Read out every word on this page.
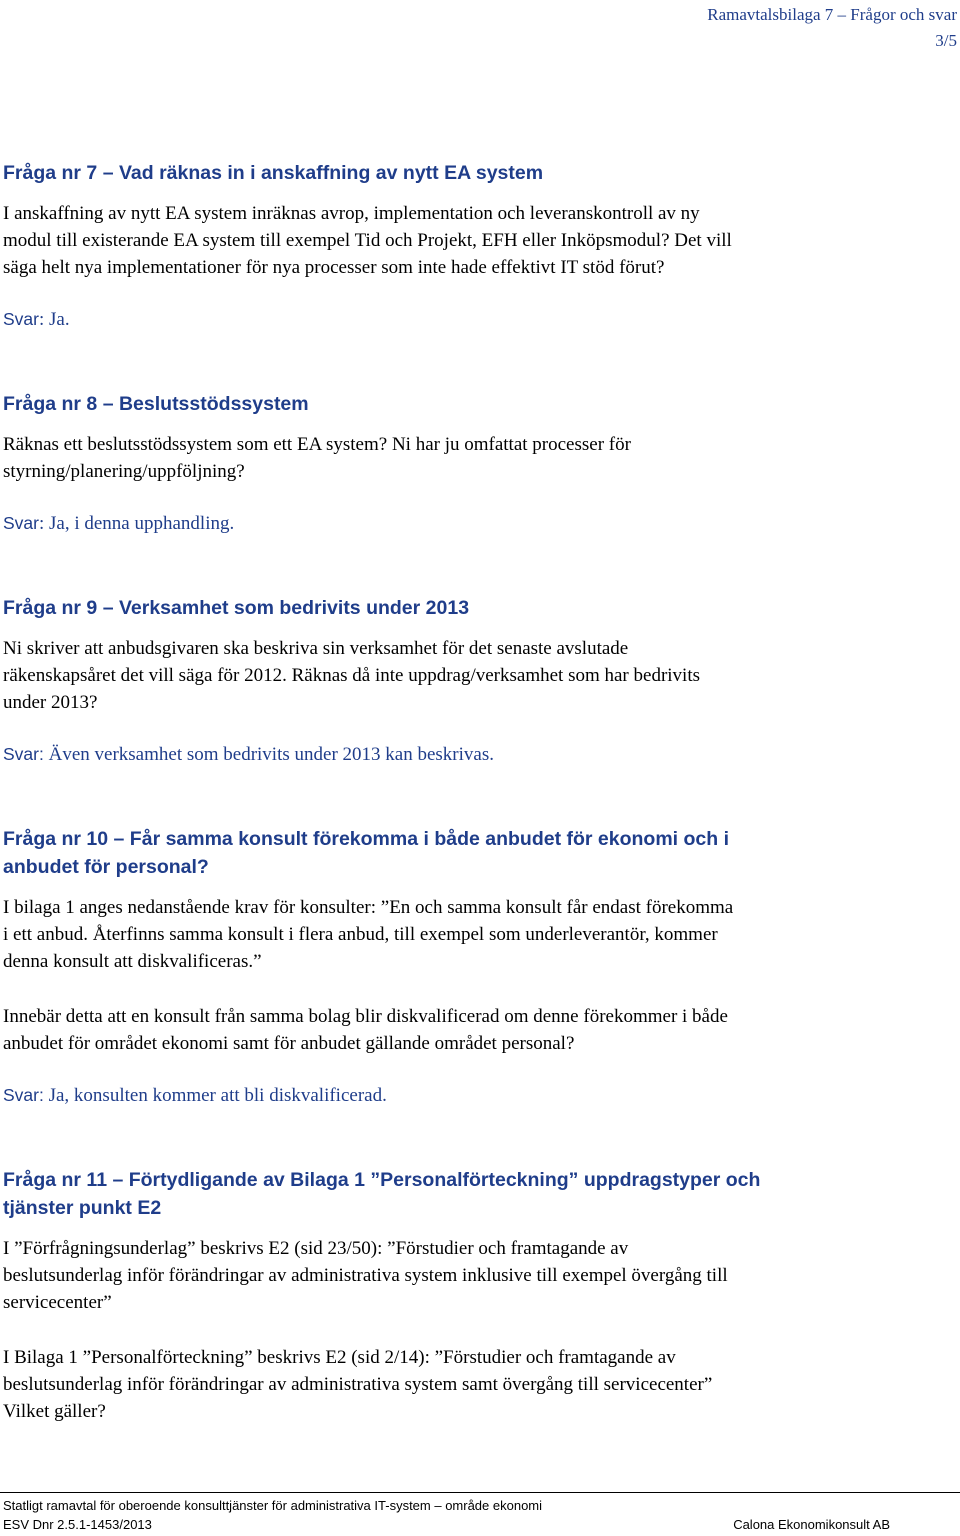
Ramavtalsbilaga 7 – Frågor och svar
3/5
Fråga nr 7 – Vad räknas in i anskaffning av nytt EA system
I anskaffning av nytt EA system inräknas avrop, implementation och leveranskontroll av ny
modul till existerande EA system till exempel Tid och Projekt, EFH eller Inköpsmodul? Det vill
säga helt nya implementationer för nya processer som inte hade effektivt IT stöd förut?
Svar: Ja.
Fråga nr 8 – Beslutsstödssystem
Räknas ett beslutsstödssystem som ett EA system? Ni har ju omfattat processer för
styrning/planering/uppföljning?
Svar: Ja, i denna upphandling.
Fråga nr 9 – Verksamhet som bedrivits under 2013
Ni skriver att anbudsgivaren ska beskriva sin verksamhet för det senaste avslutade
räkenskapsåret det vill säga för 2012. Räknas då inte uppdrag/verksamhet som har bedrivits
under 2013?
Svar: Även verksamhet som bedrivits under 2013 kan beskrivas.
Fråga nr 10 – Får samma konsult förekomma i både anbudet för ekonomi och i
anbudet för personal?
I bilaga 1 anges nedanstående krav för konsulter: ”En och samma konsult får endast förekomma
i ett anbud. Återfinns samma konsult i flera anbud, till exempel som underleverantör, kommer
denna konsult att diskvalificeras.”
Innebär detta att en konsult från samma bolag blir diskvalificerad om denne förekommer i både
anbudet för området ekonomi samt för anbudet gällande området personal?
Svar: Ja, konsulten kommer att bli diskvalificerad.
Fråga nr 11 – Förtydligande av Bilaga 1 ”Personalförteckning” uppdragstyper och
tjänster punkt E2
I ”Förfrågningsunderlag” beskrivs E2 (sid 23/50): ”Förstudier och framtagande av
beslutsunderlag inför förändringar av administrativa system inklusive till exempel övergång till
servicecenter”
I Bilaga 1 ”Personalförteckning” beskrivs E2 (sid 2/14): ”Förstudier och framtagande av
beslutsunderlag inför förändringar av administrativa system samt övergång till servicecenter”
Vilket gäller?
Statligt ramavtal för oberoende konsulttjänster för administrativa IT-system – område ekonomi
ESV Dnr 2.5.1-1453/2013	Calona Ekonomikonsult AB
